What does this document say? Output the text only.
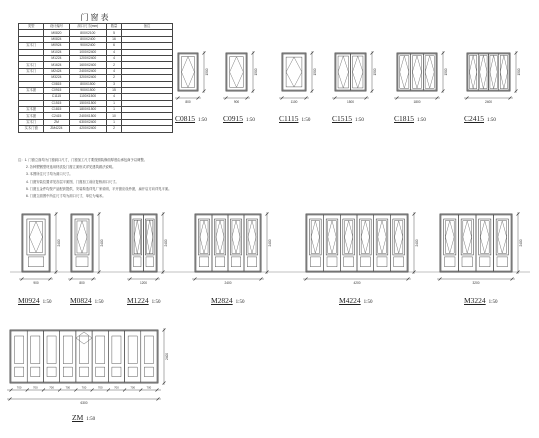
800
1500
900
1500
1100
1500
1500
1500
1800
1500
2400
1500
900
2400
800
2400
1200
2400
2400
2400
4200
2400
3200
2400
700	700	700	700	700	700	700	700	700
6300
2400
门窗表
类型	设计编号	洞口尺寸(mm)	数量	备注
	M0820	800X2100	5	
	M0824	800X2400	16	
实木门	M0924	900X2400	6	
	M1024	1000X2400	4	
	M1224	1200X2400	4	
实木门	M1624	1600X2400	2	
实木门	M2424	2400X2400	4	
	M3224	3200X2400	2	
	C0815	800X1500	3	
实木窗	C0915	900X1500	15	
	C1115	1100X1500	4	
	C1515	1500X1500	1	
实木窗	C1815	1800X1500	1	
实木窗	C2415	2400X1500	10	
实木门	ZM	6300X2400	1	
实木门窗	ZM4224	4200X2400	2	
注：1. 门窗立面均为门窗洞口尺寸，门窗加工尺寸要按照装修面厚度由承包商予以调整。
2. 各种塑钢型材选用材质及门窗立面形式详见建筑做法说明。
3. 本图所注尺寸均为洞口尺寸。
4. 门窗安装位置详见各层平面图，门窗加工前应复核洞口尺寸。
5. 门窗五金件均按产品配套提供，安装构造详见厂家说明，平开窗应设纱窗，扇开启方向详见平面。
6. 门窗立面图中所注尺寸均为洞口尺寸，单位为毫米。
C0815 1:50 C0915 1:50	C1115 1:50	C1515 1:50	C1815 1:50	C2415 1:50
M0924 1:50 M0824 1:50	M1224 1:50	M2824 1:50	M4224 1:50	M3224 1:50
ZM 1:50
